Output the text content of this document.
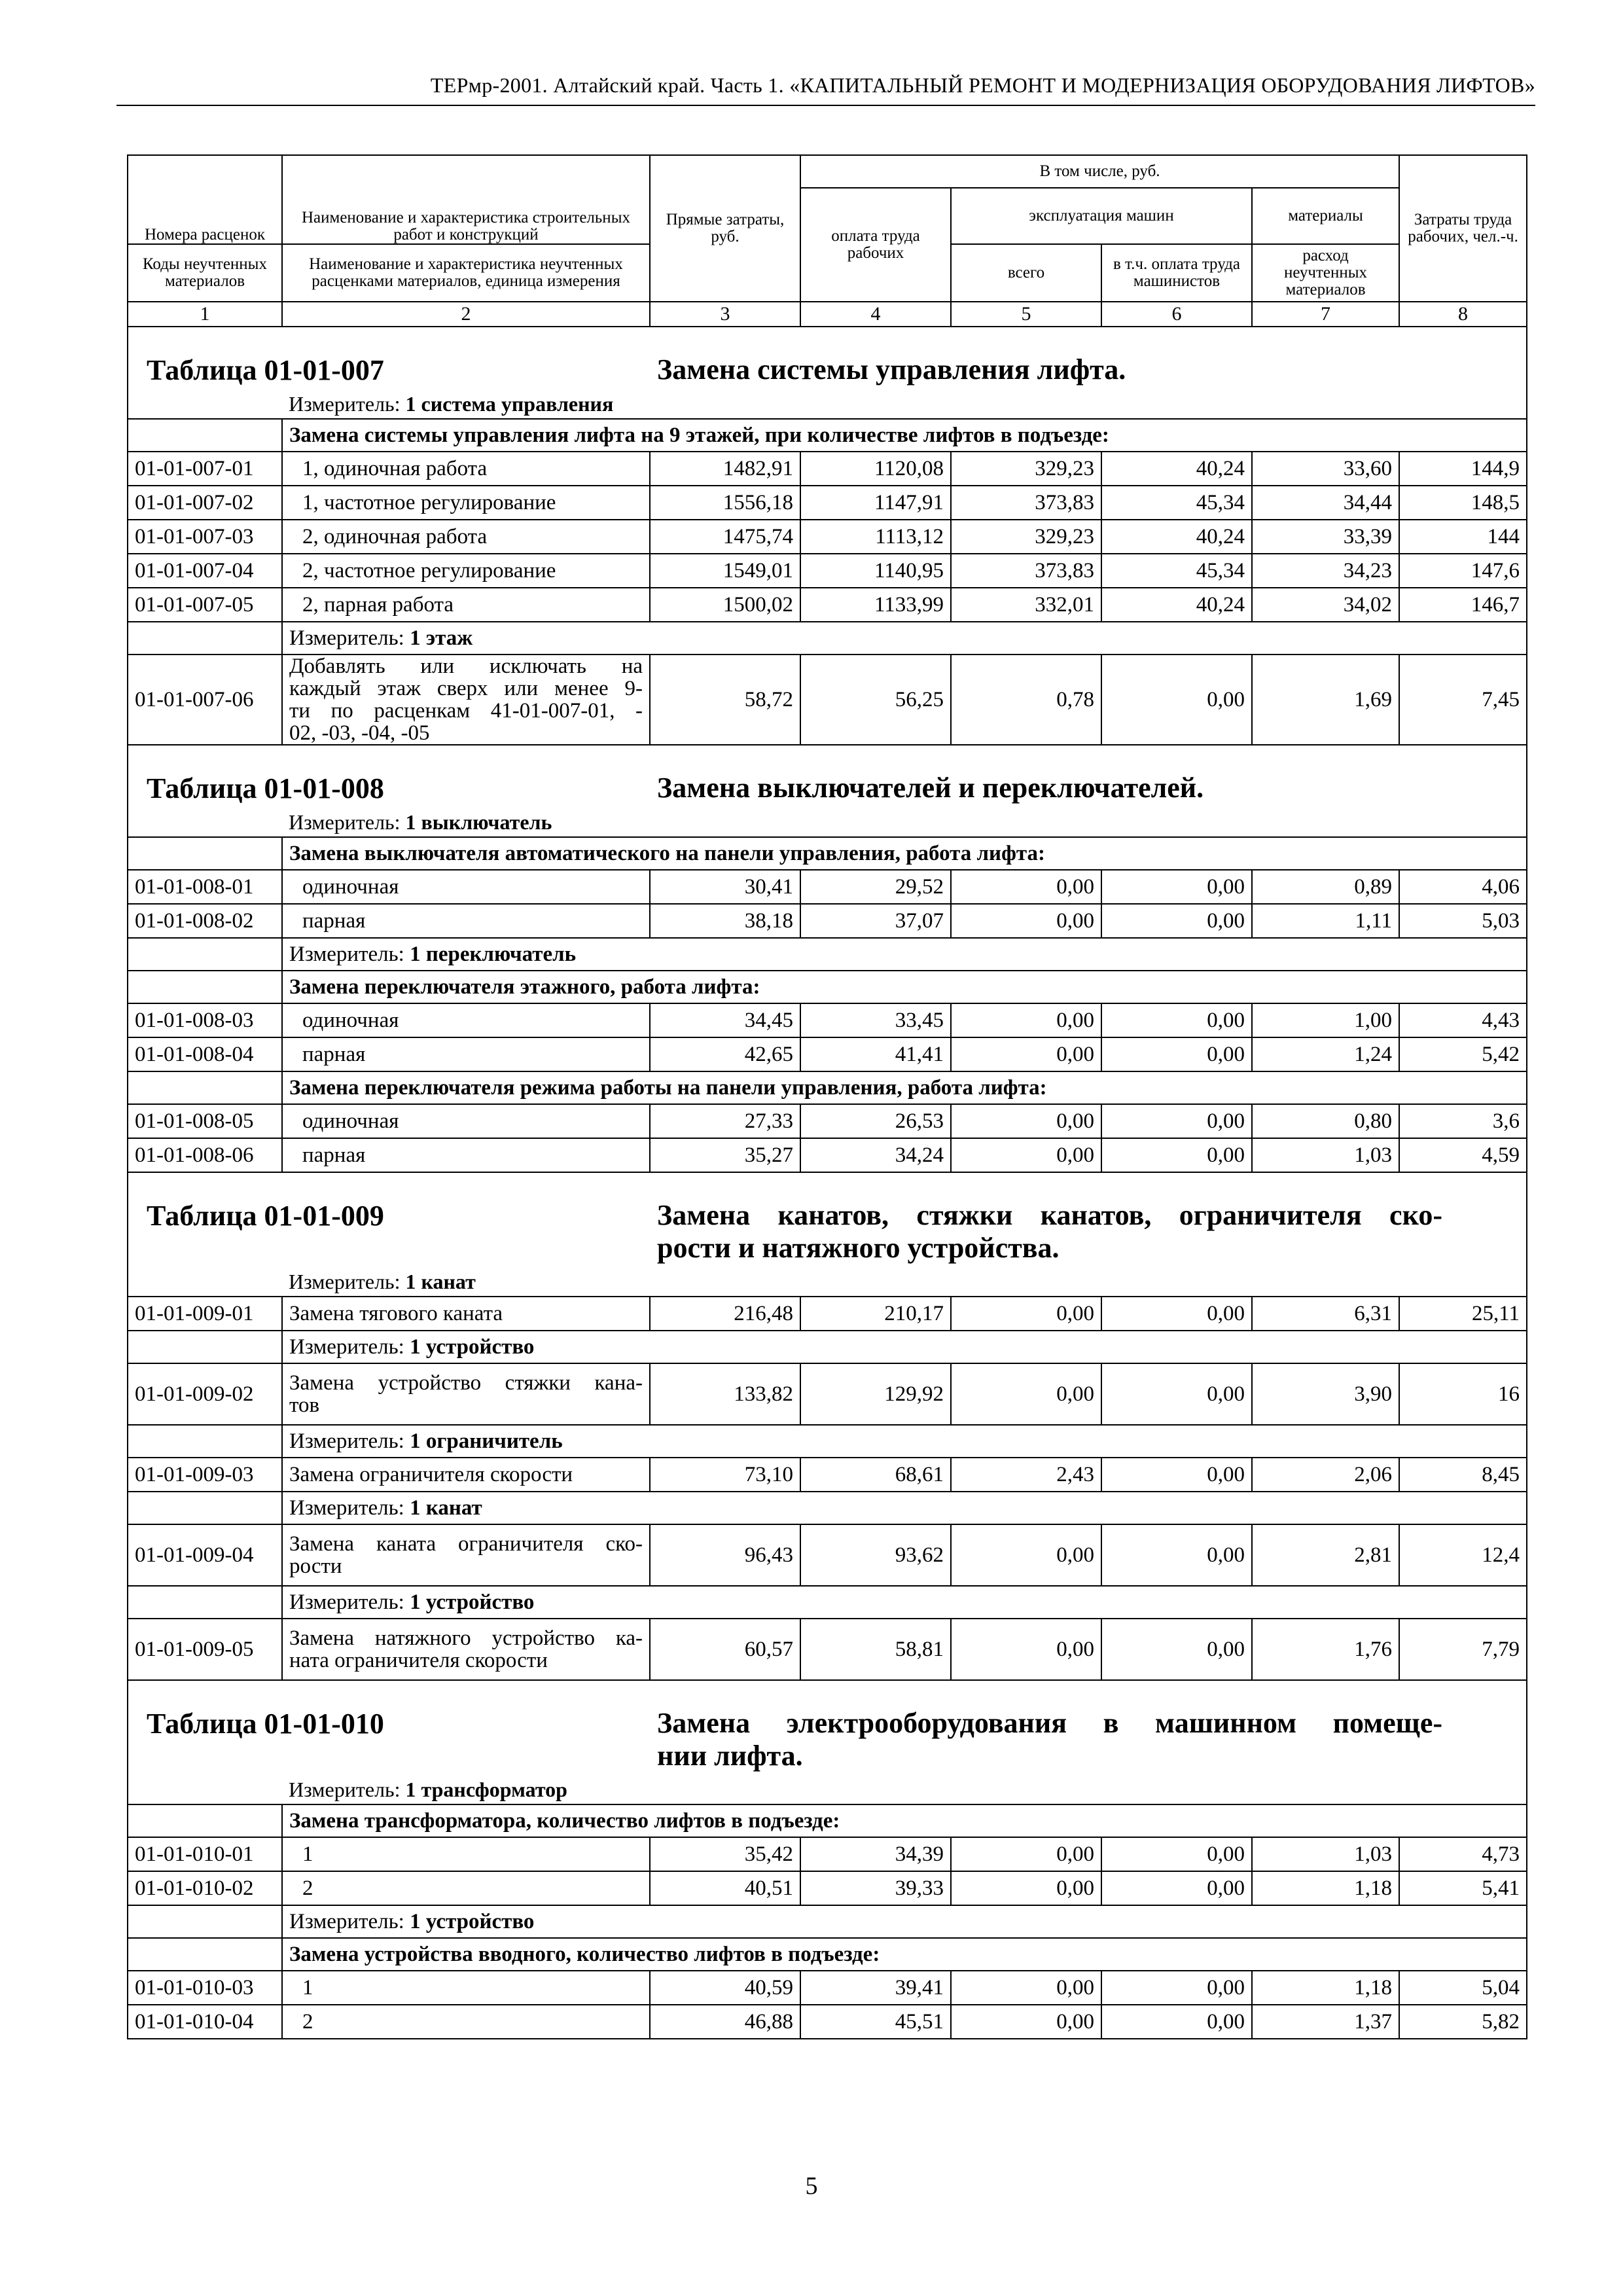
ТЕРмр-2001. Алтайский край. Часть 1. «КАПИТАЛЬНЫЙ РЕМОНТ И МОДЕРНИЗАЦИЯ ОБОРУДОВАНИЯ ЛИФТОВ»
Номера расценок	Наименование и характеристика строительных работ и конструкций	Прямые затраты, руб.	В том числе, руб.				Затраты труда рабочих, чел.-ч.
			оплата труда рабочих	эксплуатация машин		материалы	
Коды неучтенных материалов	Наименование и характеристика неучтенных расценками материалов, единица измерения			всего	в т.ч. оплата труда машинистов	расход неучтенных материалов	
1	2	3	4	5	6	7	8

Таблица 01-01-007 Замена системы управления лифта.							

	Измеритель: 1 система управления						
	Замена системы управления лифта на 9 этажей, при количестве лифтов в подъезде:						
01-01-007-01	1, одиночная работа	1482,91	1120,08	329,23	40,24	33,60	144,9
01-01-007-02	1, частотное регулирование	1556,18	1147,91	373,83	45,34	34,44	148,5
01-01-007-03	2, одиночная работа	1475,74	1113,12	329,23	40,24	33,39	144
01-01-007-04	2, частотное регулирование	1549,01	1140,95	373,83	45,34	34,23	147,6
01-01-007-05	2, парная работа	1500,02	1133,99	332,01	40,24	34,02	146,7
	Измеритель: 1 этаж						
01-01-007-06	Добавлять или исключать на
каждый этаж сверх или менее 9-
ти по расценкам 41-01-007-01, -
02, -03, -04, -05	58,72	56,25	0,78	0,00	1,69	7,45

Таблица 01-01-008 Замена выключателей и переключателей.							

	Измеритель: 1 выключатель						
	Замена выключателя автоматического на панели управления, работа лифта:						
01-01-008-01	одиночная	30,41	29,52	0,00	0,00	0,89	4,06
01-01-008-02	парная	38,18	37,07	0,00	0,00	1,11	5,03
	Измеритель: 1 переключатель						
	Замена переключателя этажного, работа лифта:						
01-01-008-03	одиночная	34,45	33,45	0,00	0,00	1,00	4,43
01-01-008-04	парная	42,65	41,41	0,00	0,00	1,24	5,42
	Замена переключателя режима работы на панели управления, работа лифта:						
01-01-008-05	одиночная	27,33	26,53	0,00	0,00	0,80	3,6
01-01-008-06	парная	35,27	34,24	0,00	0,00	1,03	4,59

Таблица 01-01-009 Замена канатов, стяжки канатов, ограничителя ско-
рости и натяжного устройства.							

	Измеритель: 1 канат						
01-01-009-01	Замена тягового каната	216,48	210,17	0,00	0,00	6,31	25,11
	Измеритель: 1 устройство						
01-01-009-02	Замена устройство стяжки кана-
тов	133,82	129,92	0,00	0,00	3,90	16
	Измеритель: 1 ограничитель						
01-01-009-03	Замена ограничителя скорости	73,10	68,61	2,43	0,00	2,06	8,45
	Измеритель: 1 канат						
01-01-009-04	Замена каната ограничителя ско-
рости	96,43	93,62	0,00	0,00	2,81	12,4
	Измеритель: 1 устройство						
01-01-009-05	Замена натяжного устройство ка-
ната ограничителя скорости	60,57	58,81	0,00	0,00	1,76	7,79

Таблица 01-01-010 Замена электрооборудования в машинном помеще-
нии лифта.							

	Измеритель: 1 трансформатор						
	Замена трансформатора, количество лифтов в подъезде:						
01-01-010-01	1	35,42	34,39	0,00	0,00	1,03	4,73
01-01-010-02	2	40,51	39,33	0,00	0,00	1,18	5,41
	Измеритель: 1 устройство						
	Замена устройства вводного, количество лифтов в подъезде:						
01-01-010-03	1	40,59	39,41	0,00	0,00	1,18	5,04
01-01-010-04	2	46,88	45,51	0,00	0,00	1,37	5,82
5
